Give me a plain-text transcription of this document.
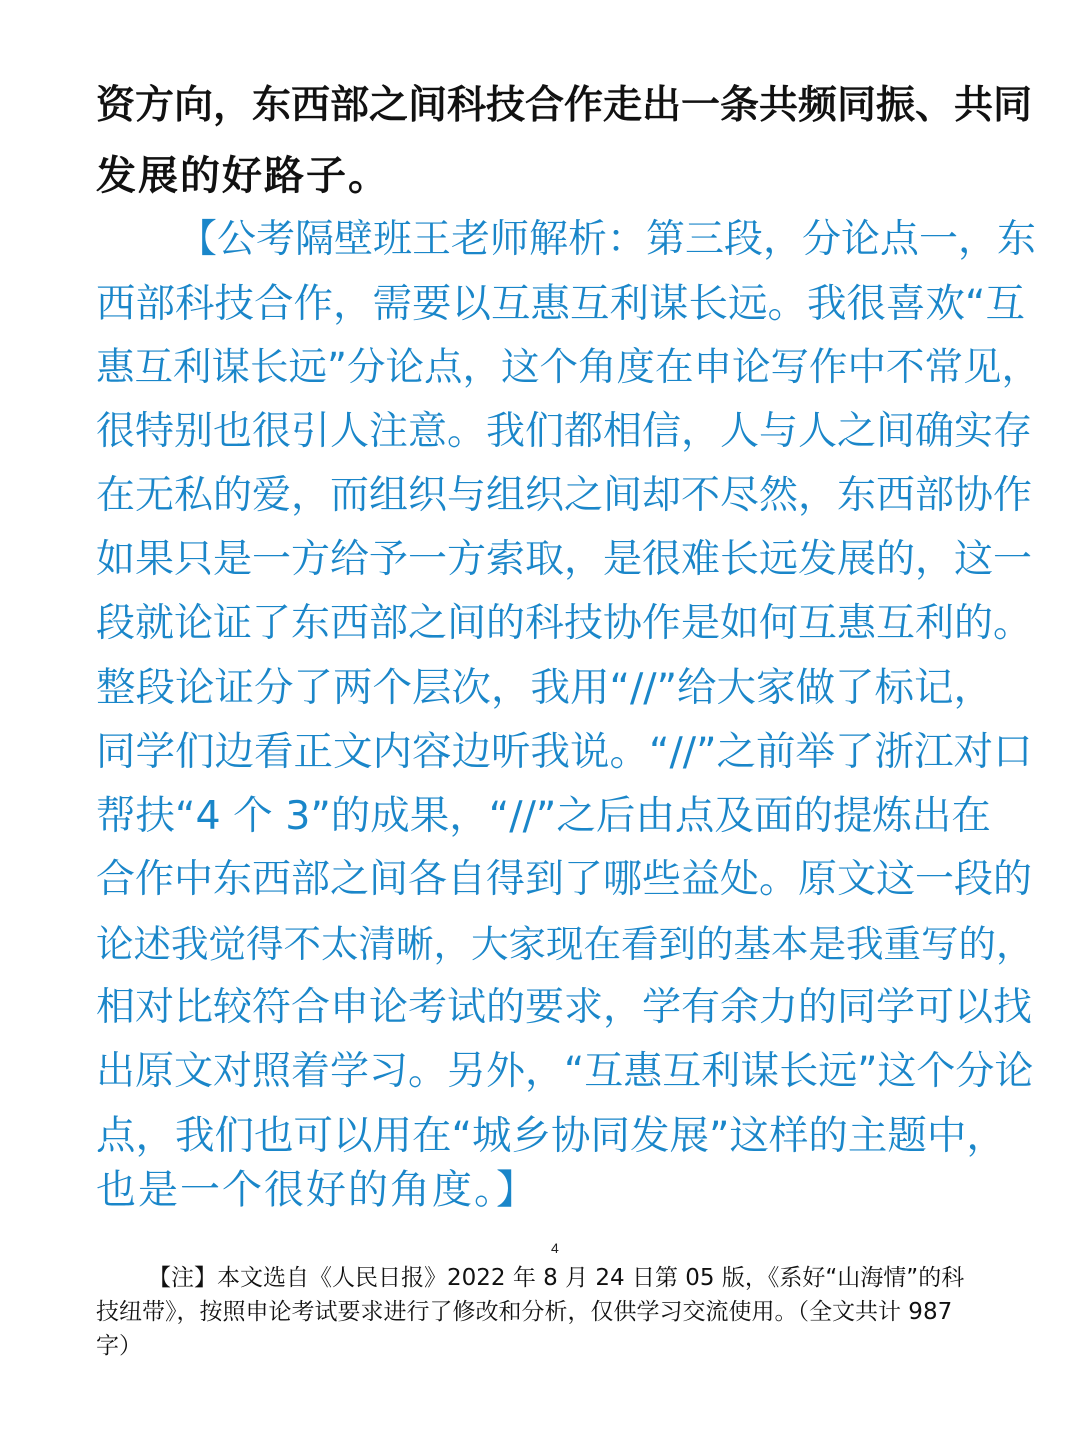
资方向，东西部之间科技合作走出一条共频同振、共同
发展的好路子。
【公考隔壁班王老师解析：第三段，分论点一，东
西部科技合作，需要以互惠互利谋长远。我很喜欢“互
惠互利谋长远”分论点，这个角度在申论写作中不常见，
很特别也很引人注意。我们都相信，人与人之间确实存
在无私的爱，而组织与组织之间却不尽然，东西部协作
如果只是一方给予一方索取，是很难长远发展的，这一
段就论证了东西部之间的科技协作是如何互惠互利的。
整段论证分了两个层次，我用“//”给大家做了标记，
同学们边看正文内容边听我说。“//”之前举了浙江对口
帮扶“4 个 3”的成果，“//”之后由点及面的提炼出在
合作中东西部之间各自得到了哪些益处。原文这一段的
论述我觉得不太清晰，大家现在看到的基本是我重写的，
相对比较符合申论考试的要求，学有余力的同学可以找
出原文对照着学习。另外，“互惠互利谋长远”这个分论
点，我们也可以用在“城乡协同发展”这样的主题中，
也是一个很好的角度。】
4
【注】本文选自《人民日报》2022 年 8 月 24 日第 05 版，《系好“山海情”的科
技纽带》，按照申论考试要求进行了修改和分析，仅供学习交流使用。（全文共计 987
字）
